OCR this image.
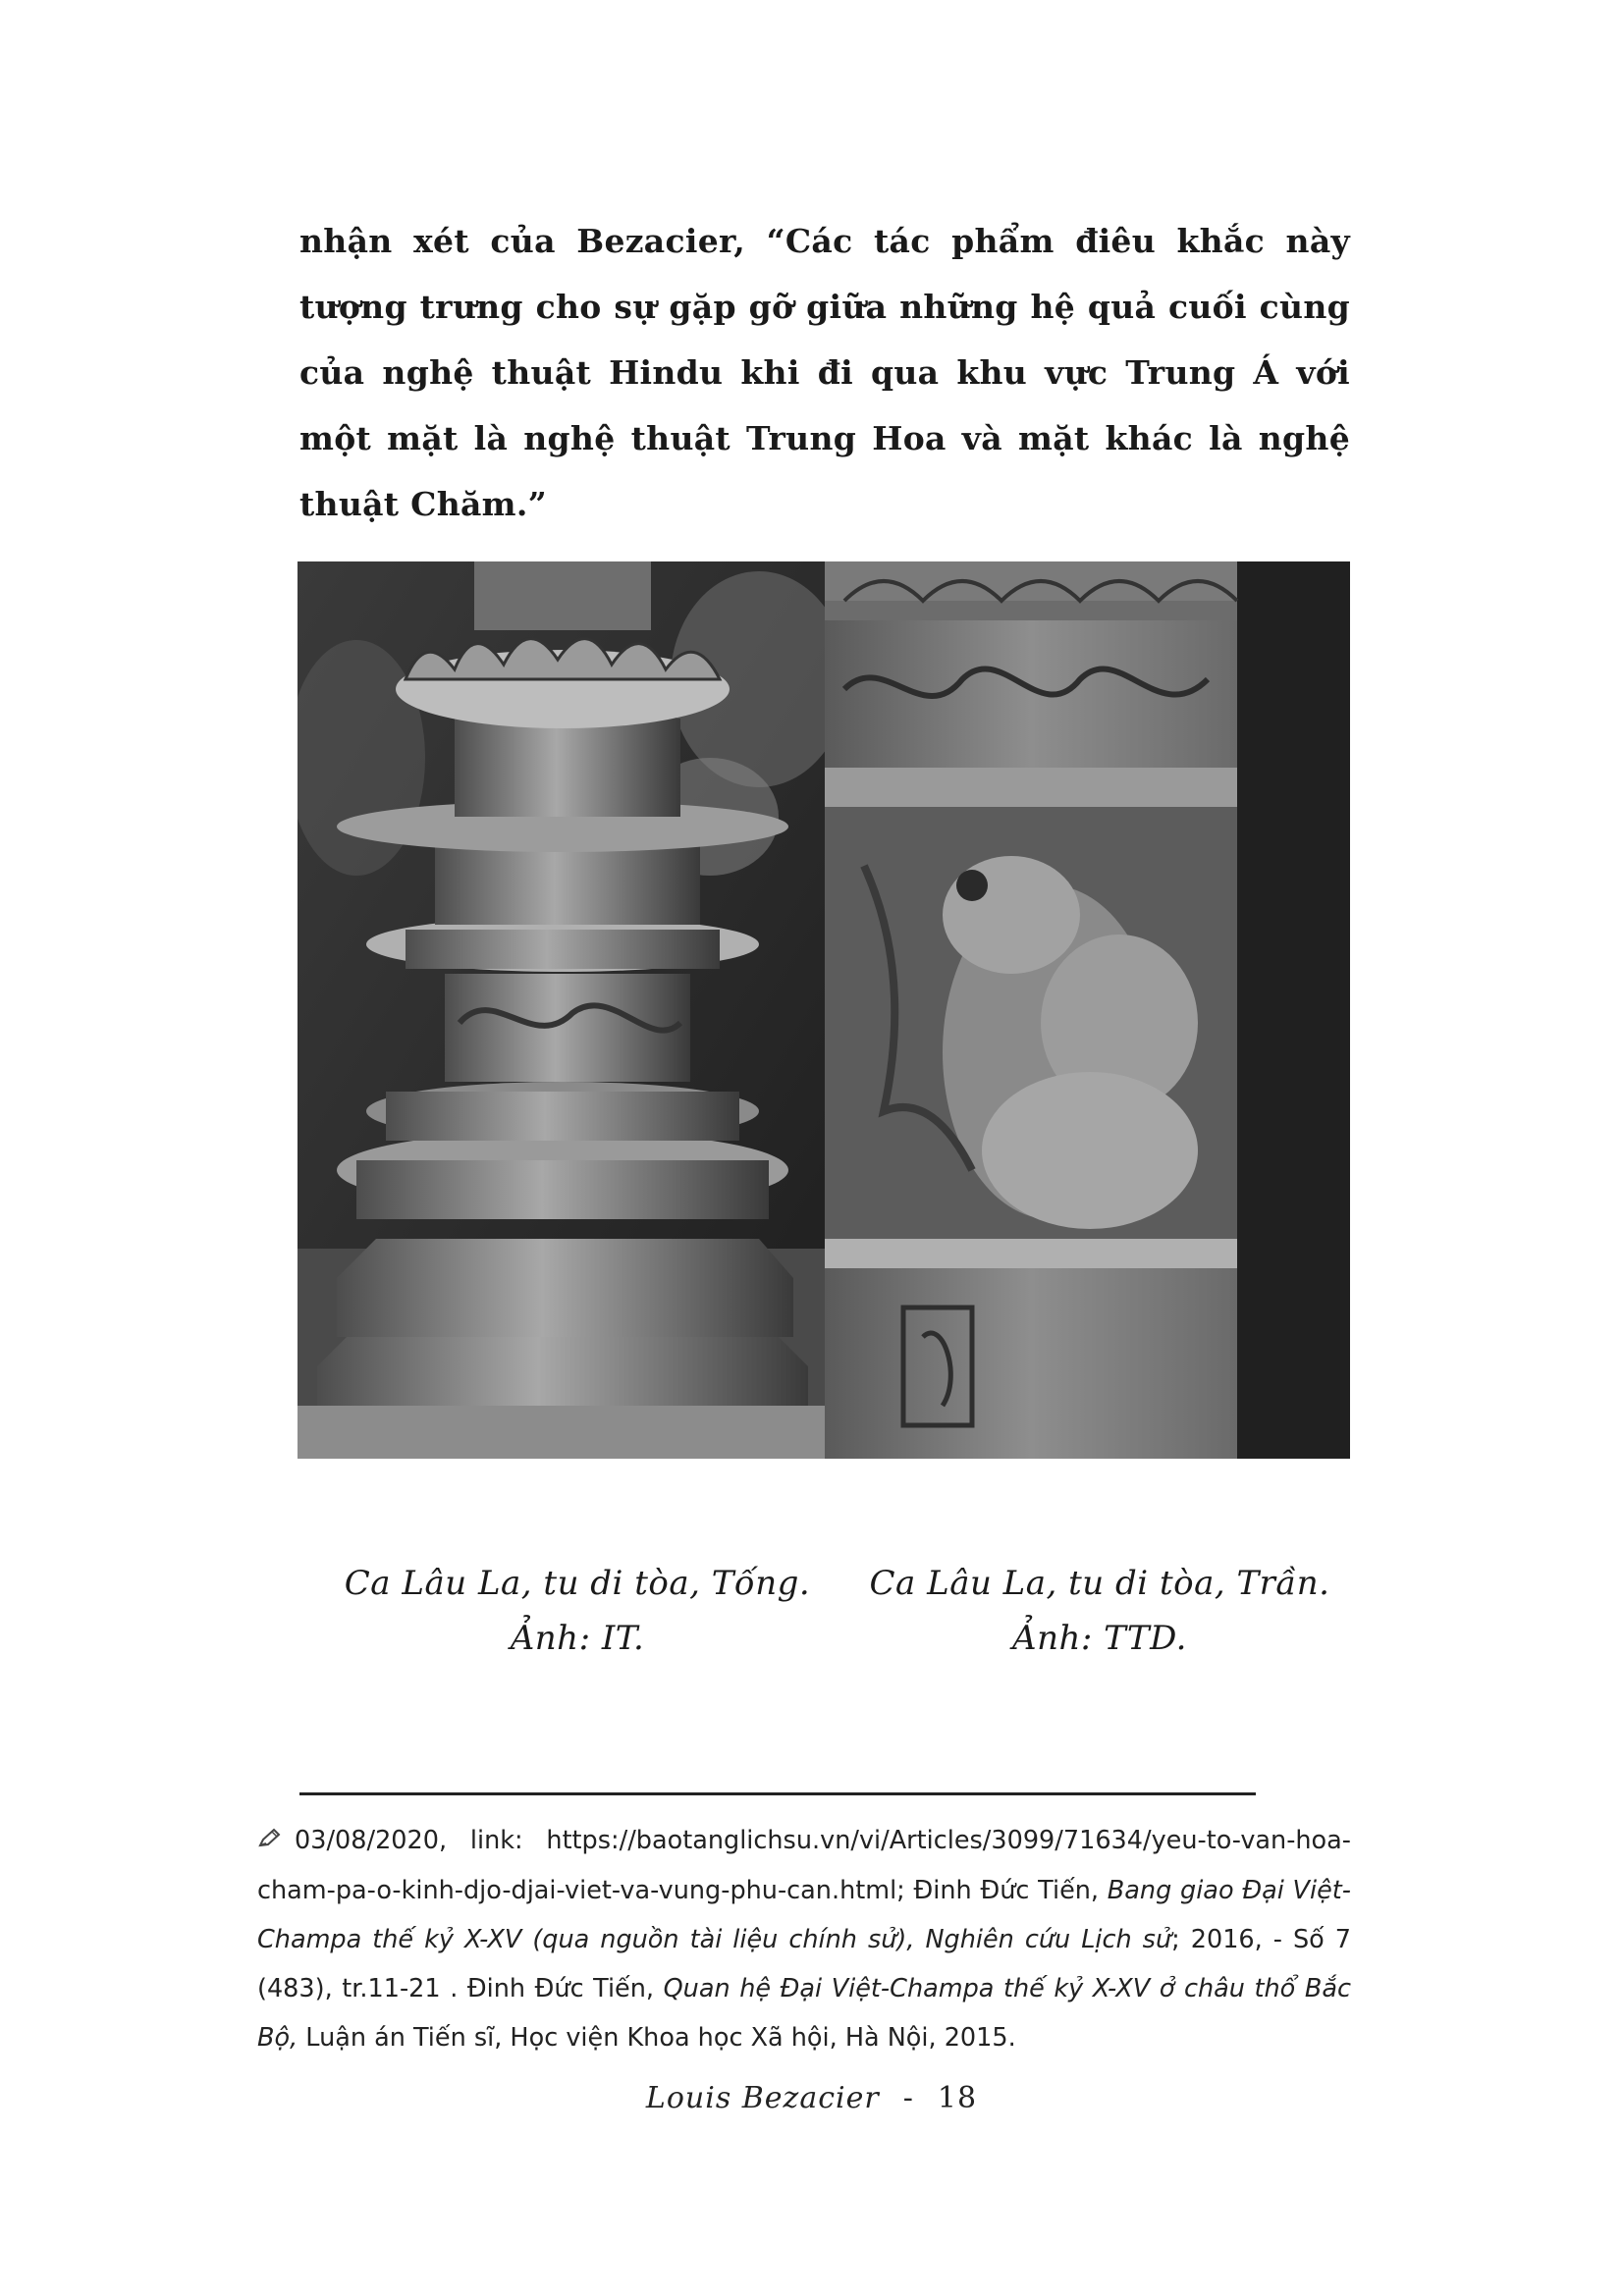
nhận xét của Bezacier, “Các tác phẩm điêu khắc này tượng trưng cho sự gặp gỡ giữa những hệ quả cuối cùng của nghệ thuật Hindu khi đi qua khu vực Trung Á với một mặt là nghệ thuật Trung Hoa và mặt khác là nghệ thuật Chăm.”

Ca Lâu La, tu di tòa, Tống.
Ảnh: IT.
Ca Lâu La, tu di tòa, Trần.
Ảnh: TTD.
03/08/2020, link: https://baotanglichsu.vn/vi/Articles/3099/71634/yeu-to-van-hoa-cham-pa-o-kinh-djo-djai-viet-va-vung-phu-can.html; Đinh Đức Tiến, Bang giao Đại Việt-Champa thế kỷ X-XV (qua nguồn tài liệu chính sử), Nghiên cứu Lịch sử; 2016, - Số 7 (483), tr.11-21 . Đinh Đức Tiến, Quan hệ Đại Việt-Champa thế kỷ X-XV ở châu thổ Bắc Bộ, Luận án Tiến sĩ, Học viện Khoa học Xã hội, Hà Nội, 2015.
Louis Bezacier - 18
